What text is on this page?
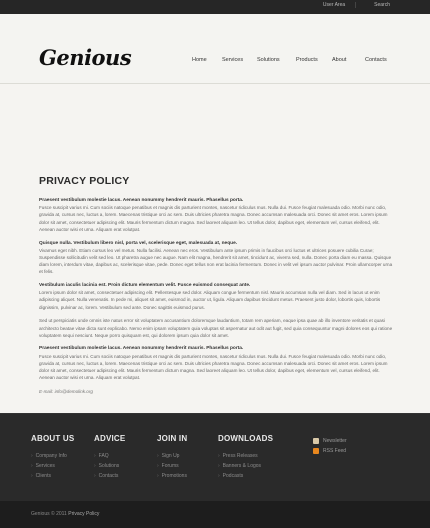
User Area	Search
Genious	Home	Services	Solutions	Products	About	Contacts
PRIVACY POLICY

Praesent vestibulum molestie lacus. Aenean nonummy hendrerit mauris. Phasellus porta.
Fusce suscipit varius mi. Cum sociis natoque penatibus et magnis dis parturient montes, nascetur ridiculus mus. Nulla dui. Fusce feugiat malesuada odio. Morbi nunc odio, gravida at, cursus nec, luctus a, lorem. Maecenas tristique orci ac sem. Duis ultricies pharetra magna. Donec accumsan malesuada orci. Donec sit amet eros. Lorem ipsum dolor sit amet, consectetuer adipiscing elit. Mauris fermentum dictum magna. Sed laoreet aliquam leo. Ut tellus dolor, dapibus eget, elementum vel, cursus eleifend, elit. Aenean auctor wisi et urna. Aliquam erat volutpat.

Quisque nulla. Vestibulum libero nisl, porta vel, scelerisque eget, malesuada at, neque.
Vivamus eget nibh. Etiam cursus leo vel metus. Nulla facilisi. Aenean nec eros. Vestibulum ante ipsum primis in faucibus orci luctus et ultrices posuere cubilia Curae; Suspendisse sollicitudin velit sed leo. Ut pharetra augue nec augue. Nam elit magna, hendrerit sit amet, tincidunt ac, viverra sed, nulla. Donec porta diam eu massa. Quisque diam lorem, interdum vitae, dapibus ac, scelerisque vitae, pede. Donec eget tellus non erat lacinia fermentum. Donec in velit vel ipsum auctor pulvinar. Proin ullamcorper urna et felis.

Vestibulum iaculis lacinia est. Proin dictum elementum velit. Fusce euismod consequat ante.
Lorem ipsum dolor sit amet, consectetuer adipiscing elit. Pellentesque sed dolor. Aliquam congue fermentum nisl. Mauris accumsan nulla vel diam. Sed in lacus ut enim adipiscing aliquet. Nulla venenatis. In pede mi, aliquet sit amet, euismod in, auctor ut, ligula. Aliquam dapibus tincidunt metus. Praesent justo dolor, lobortis quis, lobortis dignissim, pulvinar ac, lorem. Vestibulum sed ante. Donec sagittis euismod purus.

Sed ut perspiciatis unde omnis iste natus error sit voluptatem accusantium doloremque laudantium, totam rem aperiam, eaque ipsa quae ab illo inventore veritatis et quasi architecto beatae vitae dicta sunt explicabo. Nemo enim ipsam voluptatem quia voluptas sit aspernatur aut odit aut fugit, sed quia consequuntur magni dolores eos qui ratione voluptatem sequi nesciunt. Neque porro quisquam est, qui dolorem ipsum quia dolor sit amet.

Praesent vestibulum molestie lacus. Aenean nonummy hendrerit mauris. Phasellus porta.
Fusce suscipit varius mi. Cum sociis natoque penatibus et magnis dis parturient montes, nascetur ridiculus mus. Nulla dui. Fusce feugiat malesuada odio. Morbi nunc odio, gravida at, cursus nec, luctus a, lorem. Maecenas tristique orci ac sem. Duis ultricies pharetra magna. Donec accumsan malesuada orci. Donec sit amet eros. Lorem ipsum dolor sit amet, consectetuer adipiscing elit. Mauris fermentum dictum magna. Sed laoreet aliquam leo. Ut tellus dolor, dapibus eget, elementum vel, cursus eleifend, elit. Aenean auctor wisi et urna. Aliquam erat volutpat.

E-mail: info@demolink.org

ABOUT US
› Company Info
› Services
› Clients
ADVICE
› FAQ
› Solutions
› Contacts
JOIN IN
› Sign Up
› Forums
› Promotions
DOWNLOADS
› Press Releases
› Banners & Logos
› Podcasts
Newsletter
RSS Feed
Genious © 2011 Privacy Policy
